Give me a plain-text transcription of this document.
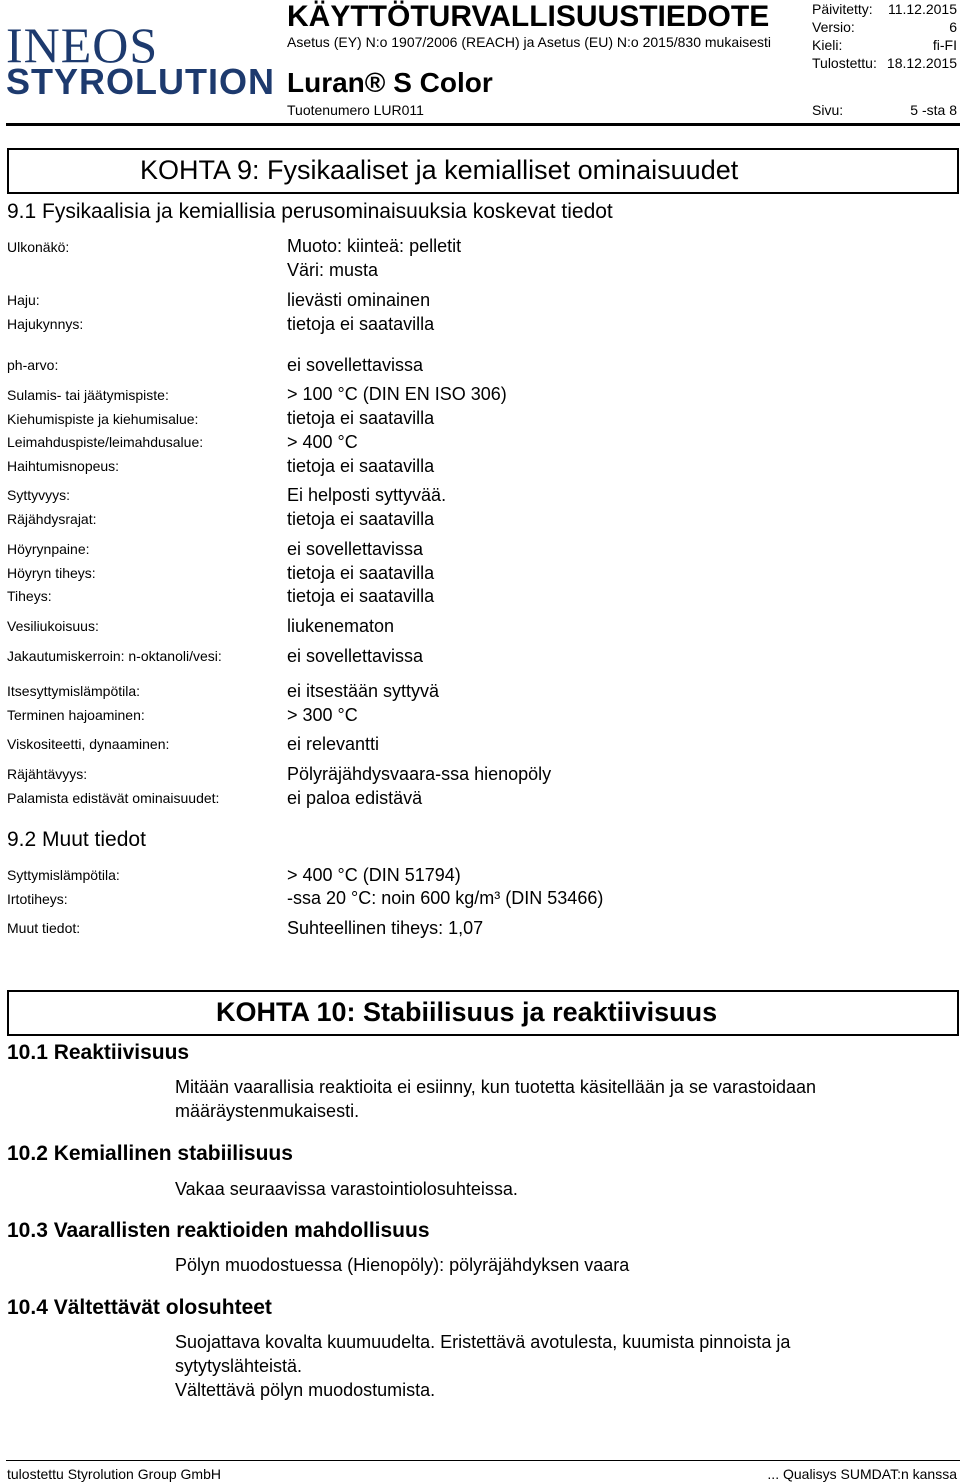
INEOS
STYROLUTION
KÄYTTÖTURVALLISUUSTIEDOTE
Asetus (EY) N:o 1907/2006 (REACH) ja Asetus (EU) N:o 2015/830 mukaisesti
Luran® S Color
Tuotenumero LUR011
Päivitetty: 11.12.2015
Versio:	6
Kieli:	fi-FI
Tulostettu: 18.12.2015
Sivu:	5 -sta 8
KOHTA 9: Fysikaaliset ja kemialliset ominaisuudet
9.1 Fysikaalisia ja kemiallisia perusominaisuuksia koskevat tiedot
Ulkonäkö:	Muoto: kiinteä: pelletit
Väri: musta
Haju:	lievästi ominainen
Hajukynnys:	tietoja ei saatavilla
ph-arvo:	ei sovellettavissa
Sulamis- tai jäätymispiste:	> 100 °C (DIN EN ISO 306)
Kiehumispiste ja kiehumisalue:	tietoja ei saatavilla
Leimahduspiste/leimahdusalue:	> 400 °C
Haihtumisnopeus:	tietoja ei saatavilla
Syttyvyys:	Ei helposti syttyvää.
Räjähdysrajat:	tietoja ei saatavilla
Höyrynpaine:	ei sovellettavissa
Höyryn tiheys:	tietoja ei saatavilla
Tiheys:	tietoja ei saatavilla
Vesiliukoisuus:	liukenematon
Jakautumiskerroin: n-oktanoli/vesi:	ei sovellettavissa
Itsesyttymislämpötila:	ei itsestään syttyvä
Terminen hajoaminen:	> 300 °C
Viskositeetti, dynaaminen:	ei relevantti
Räjähtävyys:	Pölyräjähdysvaara-ssa hienopöly
Palamista edistävät ominaisuudet:	ei paloa edistävä
9.2 Muut tiedot
Syttymislämpötila:	> 400 °C (DIN 51794)
Irtotiheys:	-ssa 20 °C: noin 600 kg/m³ (DIN 53466)
Muut tiedot:	Suhteellinen tiheys: 1,07
KOHTA 10: Stabiilisuus ja reaktiivisuus
10.1 Reaktiivisuus
Mitään vaarallisia reaktioita ei esiinny, kun tuotetta käsitellään ja se varastoidaan
määräystenmukaisesti.
10.2 Kemiallinen stabiilisuus
Vakaa seuraavissa varastointiolosuhteissa.
10.3 Vaarallisten reaktioiden mahdollisuus
Pölyn muodostuessa (Hienopöly): pölyräjähdyksen vaara
10.4 Vältettävät olosuhteet
Suojattava kovalta kuumuudelta. Eristettävä avotulesta, kuumista pinnoista ja
sytytyslähteistä.
Vältettävä pölyn muodostumista.
tulostettu Styrolution Group GmbH	... Qualisys SUMDAT:n kanssa
